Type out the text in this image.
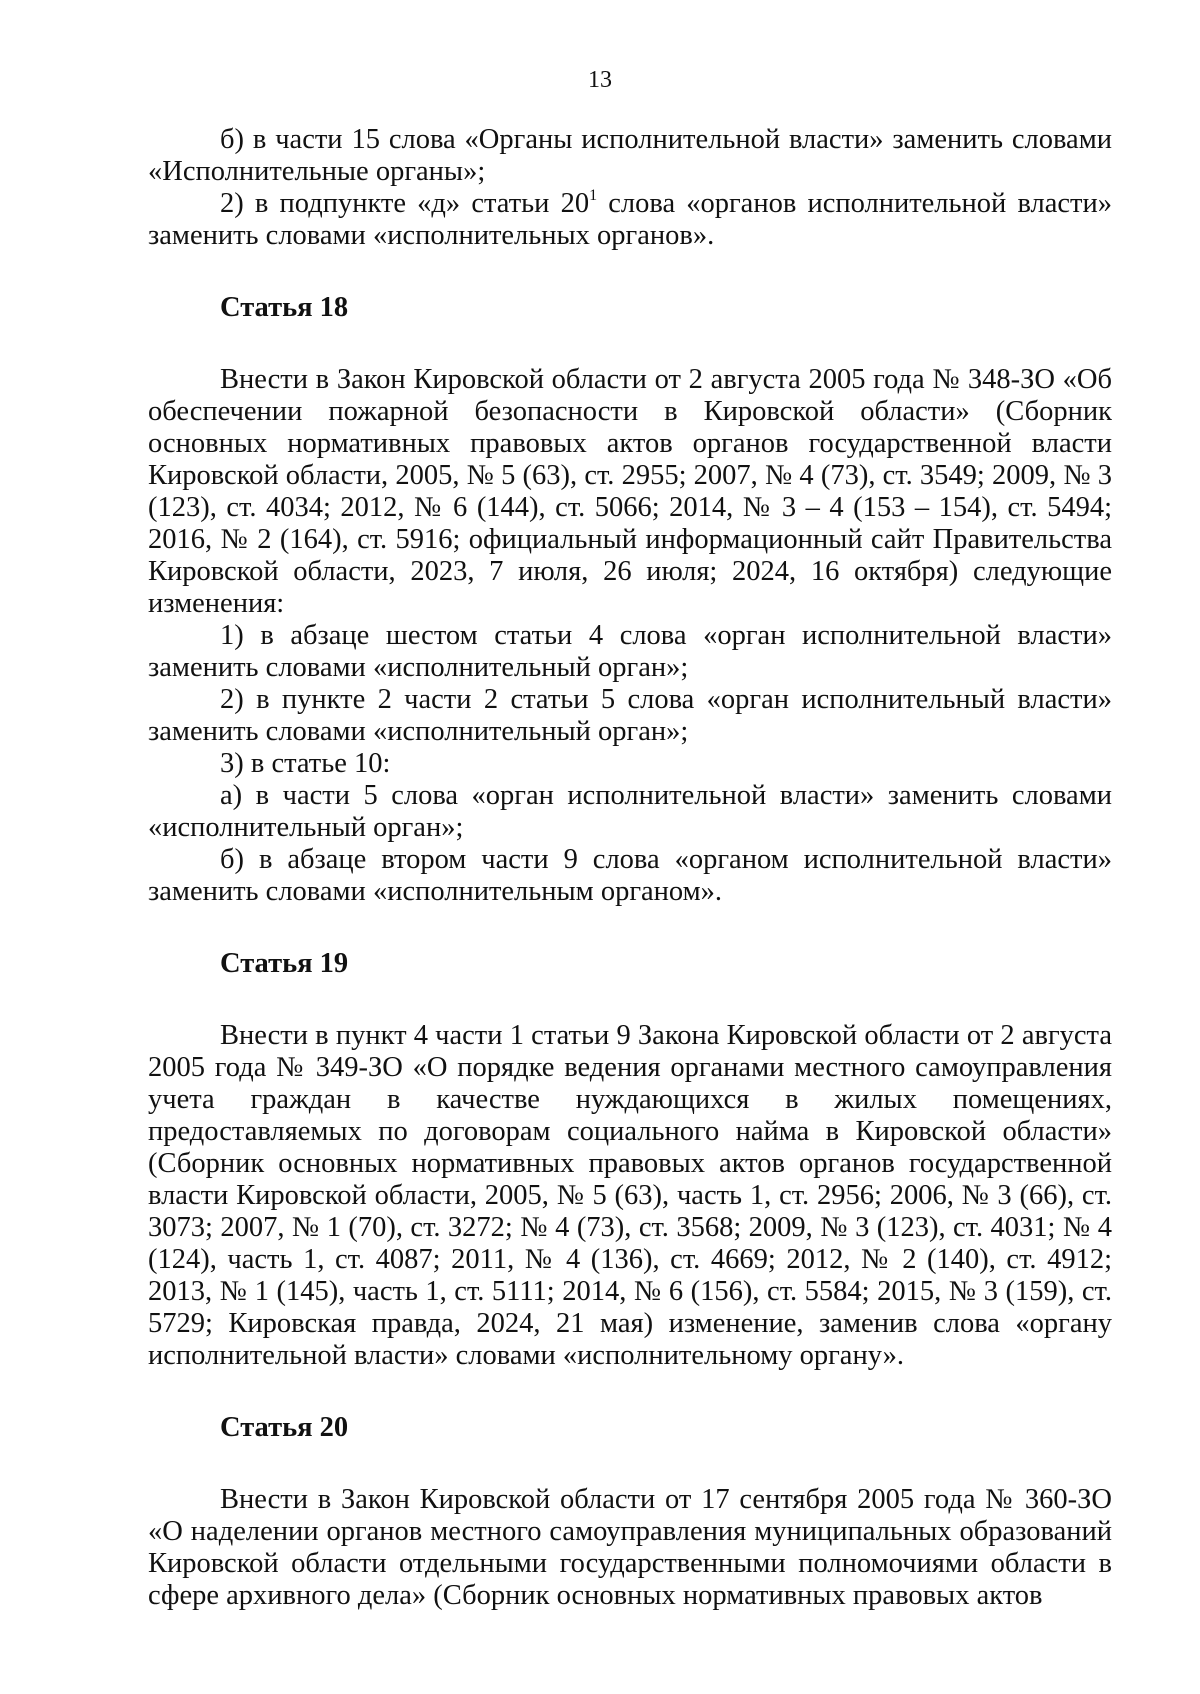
13

б) в части 15 слова «Органы исполнительной власти» заменить словами «Исполнительные органы»;

2) в подпункте «д» статьи $20^1$ слова «органов исполнительной власти» заменить словами «исполнительных органов».

Статья 18

Внести в Закон Кировской области от 2 августа 2005 года № 348-ЗО «Об обеспечении пожарной безопасности в Кировской области» (Сборник основных нормативных правовых актов органов государственной власти Кировской области, 2005, № 5 (63), ст. 2955; 2007, № 4 (73), ст. 3549; 2009, № 3 (123), ст. 4034; 2012, № 6 (144), ст. 5066; 2014, № 3 – 4 (153 – 154), ст. 5494; 2016, № 2 (164), ст. 5916; официальный информационный сайт Правительства Кировской области, 2023, 7 июля, 26 июля; 2024, 16 октября) следующие изменения:

1) в абзаце шестом статьи 4 слова «орган исполнительной власти» заменить словами «исполнительный орган»;

2) в пункте 2 части 2 статьи 5 слова «орган исполнительный власти» заменить словами «исполнительный орган»;

3) в статье 10:

а) в части 5 слова «орган исполнительной власти» заменить словами «исполнительный орган»;

б) в абзаце втором части 9 слова «органом исполнительной власти» заменить словами «исполнительным органом».

Статья 19

Внести в пункт 4 части 1 статьи 9 Закона Кировской области от 2 августа 2005 года № 349-ЗО «О порядке ведения органами местного самоуправления учета граждан в качестве нуждающихся в жилых помещениях, предоставляемых по договорам социального найма в Кировской области» (Сборник основных нормативных правовых актов органов государственной власти Кировской области, 2005, № 5 (63), часть 1, ст. 2956; 2006, № 3 (66), ст. 3073; 2007, № 1 (70), ст. 3272; № 4 (73), ст. 3568; 2009, № 3 (123), ст. 4031; № 4 (124), часть 1, ст. 4087; 2011, № 4 (136), ст. 4669; 2012, № 2 (140), ст. 4912; 2013, № 1 (145), часть 1, ст. 5111; 2014, № 6 (156), ст. 5584; 2015, № 3 (159), ст. 5729; Кировская правда, 2024, 21 мая) изменение, заменив слова «органу исполнительной власти» словами «исполнительному органу».

Статья 20

Внести в Закон Кировской области от 17 сентября 2005 года № 360-ЗО «О наделении органов местного самоуправления муниципальных образований Кировской области отдельными государственными полномочиями области в сфере архивного дела» (Сборник основных нормативных правовых актов
